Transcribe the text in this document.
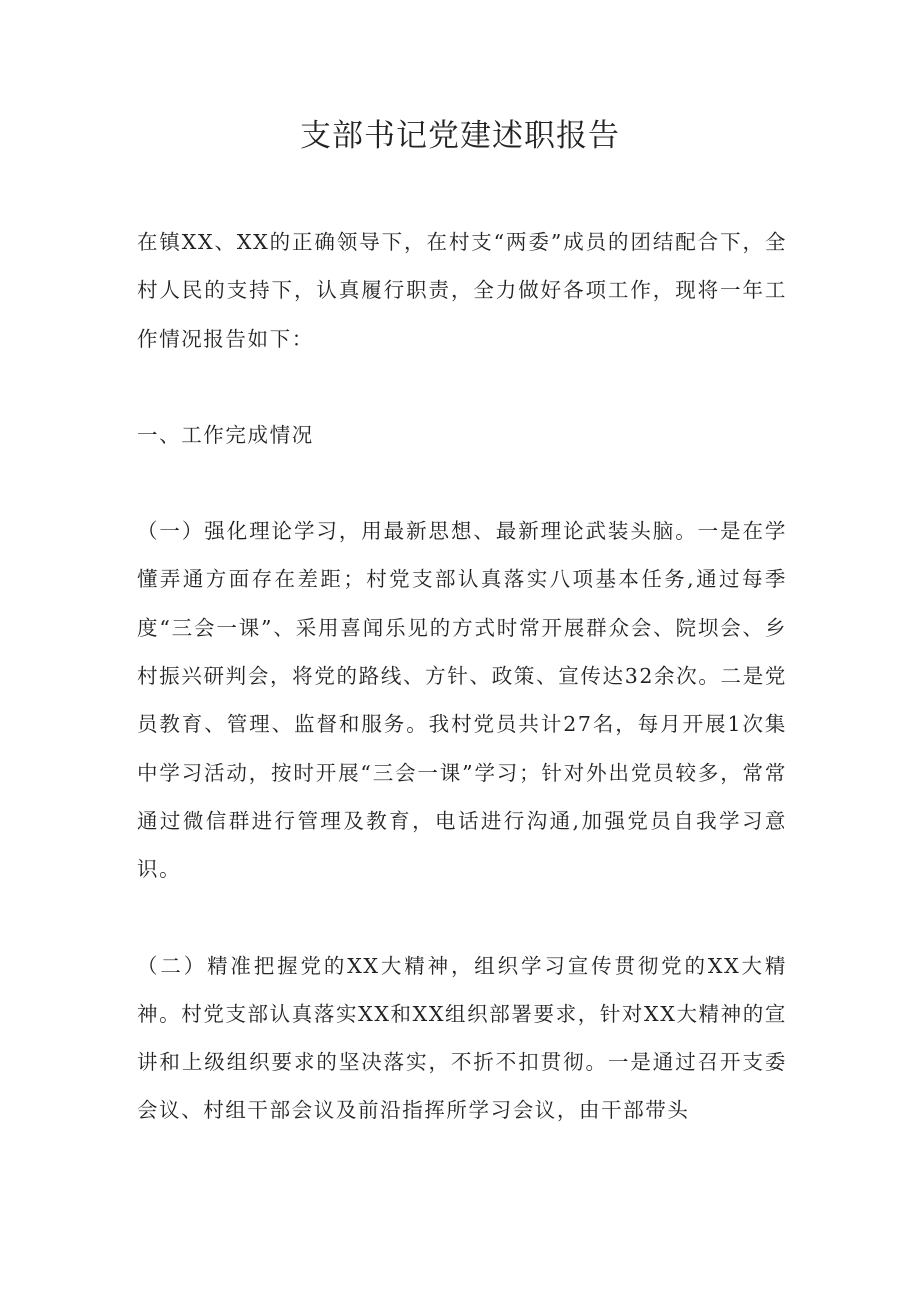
支部书记党建述职报告

在镇XX、XX的正确领导下，在村支“两委”成员的团结配合下，全村人民的支持下，认真履行职责，全力做好各项工作，现将一年工作情况报告如下：

一、工作完成情况

（一）强化理论学习，用最新思想、最新理论武装头脑。一是在学懂弄通方面存在差距；村党支部认真落实八项基本任务,通过每季度“三会一课”、采用喜闻乐见的方式时常开展群众会、院坝会、乡村振兴研判会，将党的路线、方针、政策、宣传达32余次。二是党员教育、管理、监督和服务。我村党员共计27名，每月开展1次集中学习活动，按时开展“三会一课”学习；针对外出党员较多，常常通过微信群进行管理及教育，电话进行沟通,加强党员自我学习意识。

（二）精准把握党的XX大精神，组织学习宣传贯彻党的XX大精神。村党支部认真落实XX和XX组织部署要求，针对XX大精神的宣讲和上级组织要求的坚决落实，不折不扣贯彻。一是通过召开支委会议、村组干部会议及前沿指挥所学习会议，由干部带头
